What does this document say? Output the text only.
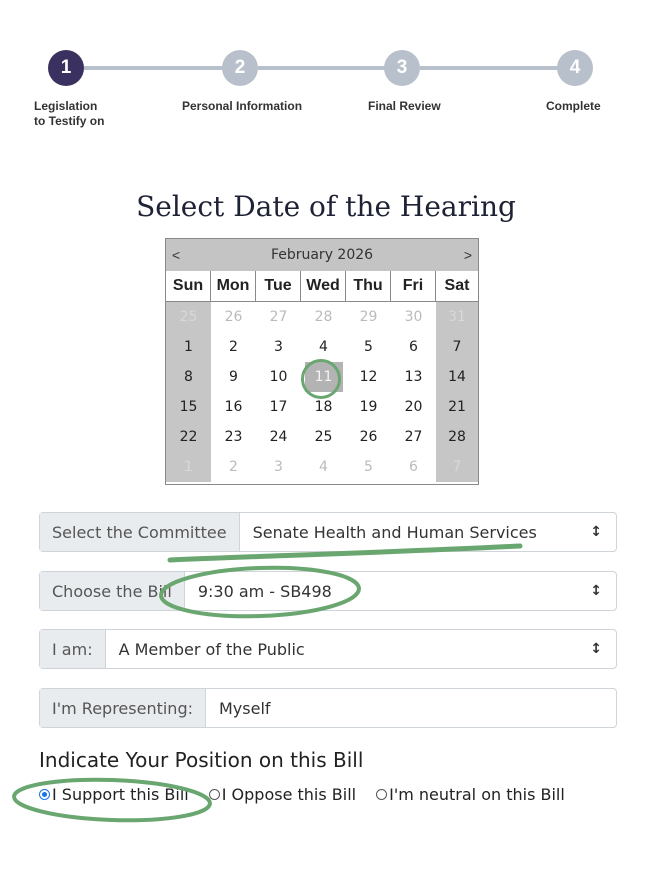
1	2	3	4
Legislation
to Testify on
Personal Information	Final Review	Complete
Select Date of the Hearing
<	February 2026	>
Sun Mon Tue Wed Thu	Fri	Sat
25 26 27 28 29 30 31
1	2	3	4	5	6 7
8	9 10	11	12 13 14
15 16 17 18 19 20 21
22 23 24 25 26 27 28
1	2	3	4	5	6 7
Select the Committee	Senate Health and Human Services	↕
Choose the Bill	9:30 am - SB498	↕
I am:	A Member of the Public	↕
I'm Representing:	Myself
Indicate Your Position on this Bill
I Support this Bill I Oppose this Bill I'm neutral on this Bill
